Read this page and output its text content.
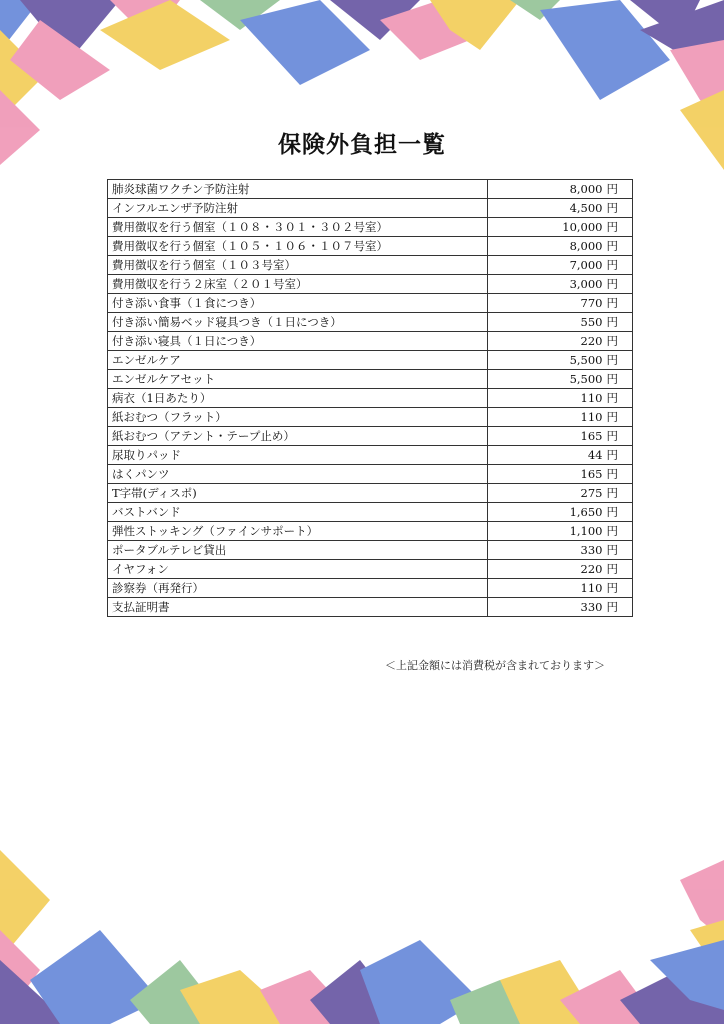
保険外負担一覧
肺炎球菌ワクチン予防注射	8,000 円
インフルエンザ予防注射	4,500 円
費用徴収を行う個室（１０８・３０１・３０２号室）	10,000 円
費用徴収を行う個室（１０５・１０６・１０７号室）	8,000 円
費用徴収を行う個室（１０３号室）	7,000 円
費用徴収を行う２床室（２０１号室）	3,000 円
付き添い食事（１食につき）	770 円
付き添い簡易ベッド寝具つき（１日につき）	550 円
付き添い寝具（１日につき）	220 円
エンゼルケア	5,500 円
エンゼルケアセット	5,500 円
病衣（1日あたり）	110 円
紙おむつ（フラット）	110 円
紙おむつ（アテント・テープ止め）	165 円
尿取りパッド	44 円
はくパンツ	165 円
T字帯(ディスポ)	275 円
バストバンド	1,650 円
弾性ストッキング（ファインサポート）	1,100 円
ポータブルテレビ貸出	330 円
イヤフォン	220 円
診察券（再発行）	110 円
支払証明書	330 円
＜上記金額には消費税が含まれております＞
